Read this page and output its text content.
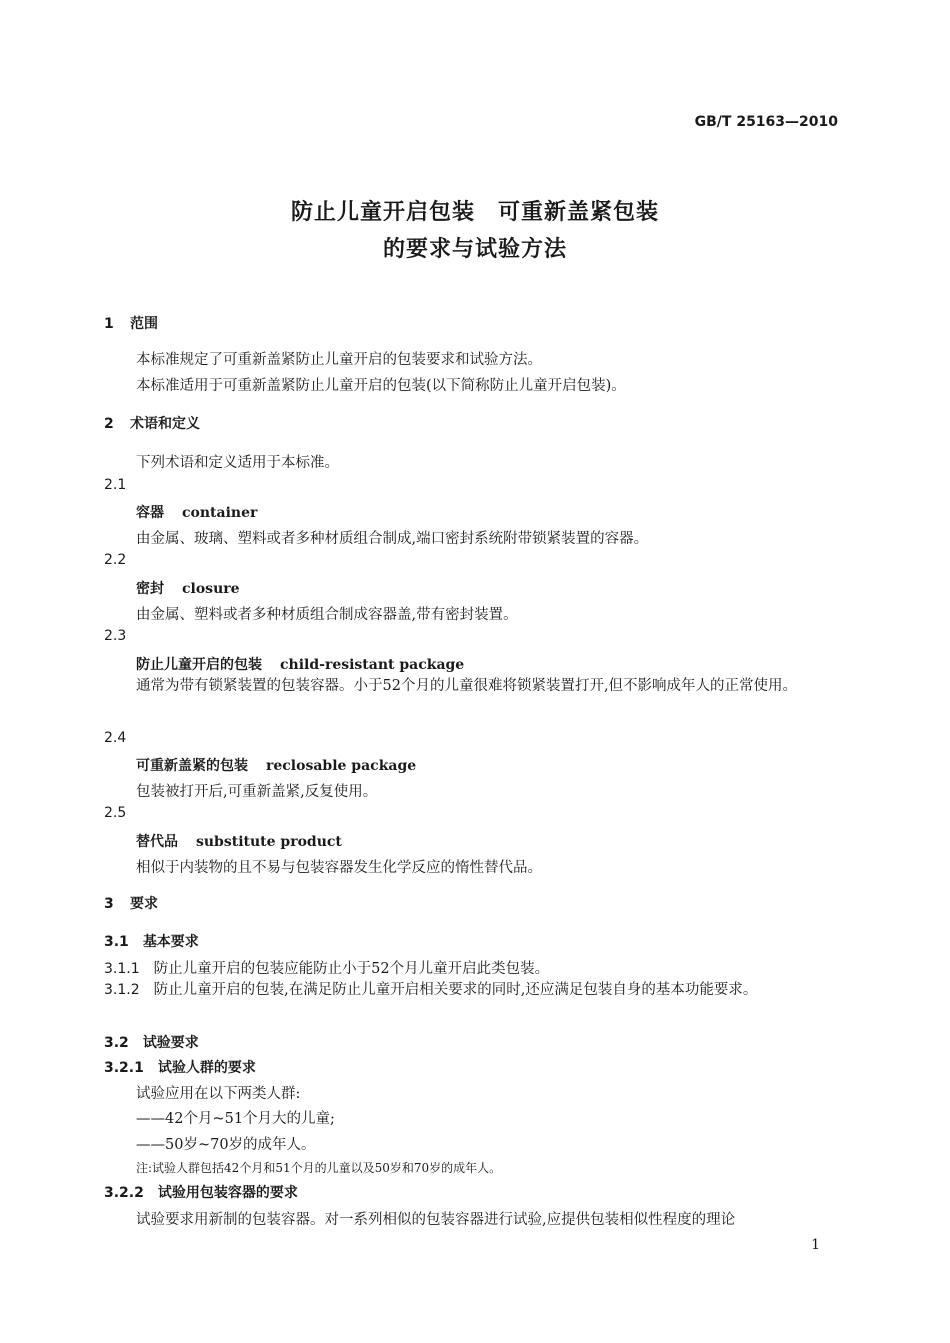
GB/T 25163—2010
防止儿童开启包装　可重新盖紧包装
的要求与试验方法
1 范围
本标准规定了可重新盖紧防止儿童开启的包装要求和试验方法。
本标准适用于可重新盖紧防止儿童开启的包装(以下简称防止儿童开启包装)。
2 术语和定义
下列术语和定义适用于本标准。
2.1
容器 container
由金属、玻璃、塑料或者多种材质组合制成,端口密封系统附带锁紧装置的容器。
2.2
密封 closure
由金属、塑料或者多种材质组合制成容器盖,带有密封装置。
2.3
防止儿童开启的包装 child-resistant package
通常为带有锁紧装置的包装容器。小于52个月的儿童很难将锁紧装置打开,但不影响成年人的正常使用。
2.4
可重新盖紧的包装 reclosable package
包装被打开后,可重新盖紧,反复使用。
2.5
替代品 substitute product
相似于内装物的且不易与包装容器发生化学反应的惰性替代品。
3 要求
3.1 基本要求
3.1.1 防止儿童开启的包装应能防止小于52个月儿童开启此类包装。
3.1.2 防止儿童开启的包装,在满足防止儿童开启相关要求的同时,还应满足包装自身的基本功能要求。
3.2 试验要求
3.2.1 试验人群的要求
试验应用在以下两类人群:
——42个月~51个月大的儿童;
——50岁~70岁的成年人。
注:试验人群包括42个月和51个月的儿童以及50岁和70岁的成年人。
3.2.2 试验用包装容器的要求
试验要求用新制的包装容器。对一系列相似的包装容器进行试验,应提供包装相似性程度的理论
1
